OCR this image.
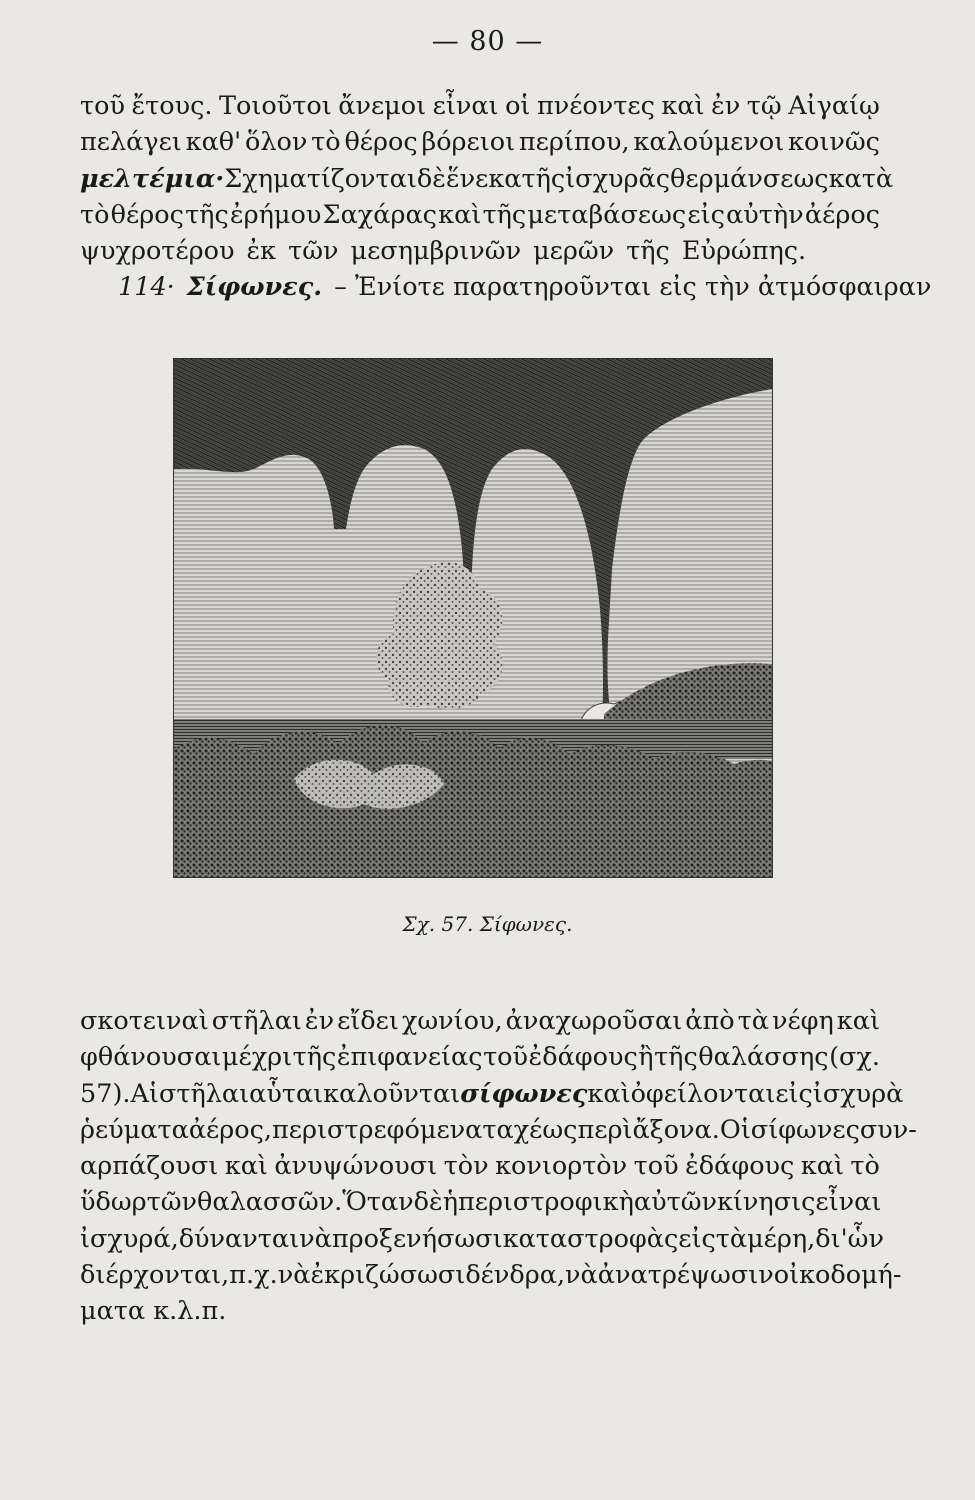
— 80 —
τοῦ ἔτους. Τοιοῦτοι ἄνεμοι εἶναι οἱ πνέοντες καὶ ἐν τῷ Αἰγαίῳ
πελάγει καθ' ὅλον τὸ θέρος βόρειοι περίπου, καλούμενοι κοινῶς
μελτέμια· Σχηματίζονται δὲ ἕνεκα τῆς ἰσχυρᾶς θερμάνσεως κατὰ
τὸ θέρος τῆς ἐρήμου Σαχάρας καὶ τῆς μεταβάσεως εἰς αὐτὴν ἀέρος
ψυχροτέρου ἐκ τῶν μεσημβρινῶν μερῶν τῆς Εὐρώπης.
114· Σίφωνες. – Ἐνίοτε παρατηροῦνται εἰς τὴν ἀτμόσφαιραν
Σχ. 57. Σίφωνες.
σκοτειναὶ στῆλαι ἐν εἴδει χωνίου, ἀναχωροῦσαι ἀπὸ τὰ νέφη καὶ
φθάνουσαι μέχρι τῆς ἐπιφανείας τοῦ ἐδάφους ἢ τῆς θαλάσσης (σχ.
57). Αἱ στῆλαι αὗται καλοῦνται σίφωνες καὶ ὀφείλονται εἰς ἰσχυρὰ
ῥεύματα ἀέρος, περιστρεφόμενα ταχέως περὶ ἄξονα. Οἱ σίφωνες συν-
αρπάζουσι καὶ ἀνυψώνουσι τὸν κονιορτὸν τοῦ ἐδάφους καὶ τὸ
ὕδωρ τῶν θαλασσῶν. Ὅταν δὲ ἡ περιστροφικὴ αὐτῶν κίνησις εἶναι
ἰσχυρά, δύνανται νὰ προξενήσωσι καταστροφὰς εἰς τὰ μέρη, δι' ὧν
διέρχονται, π. χ. νὰ ἐκριζώσωσι δένδρα, νὰ ἀνατρέψωσιν οἰκοδομή-
ματα κ.λ.π.
